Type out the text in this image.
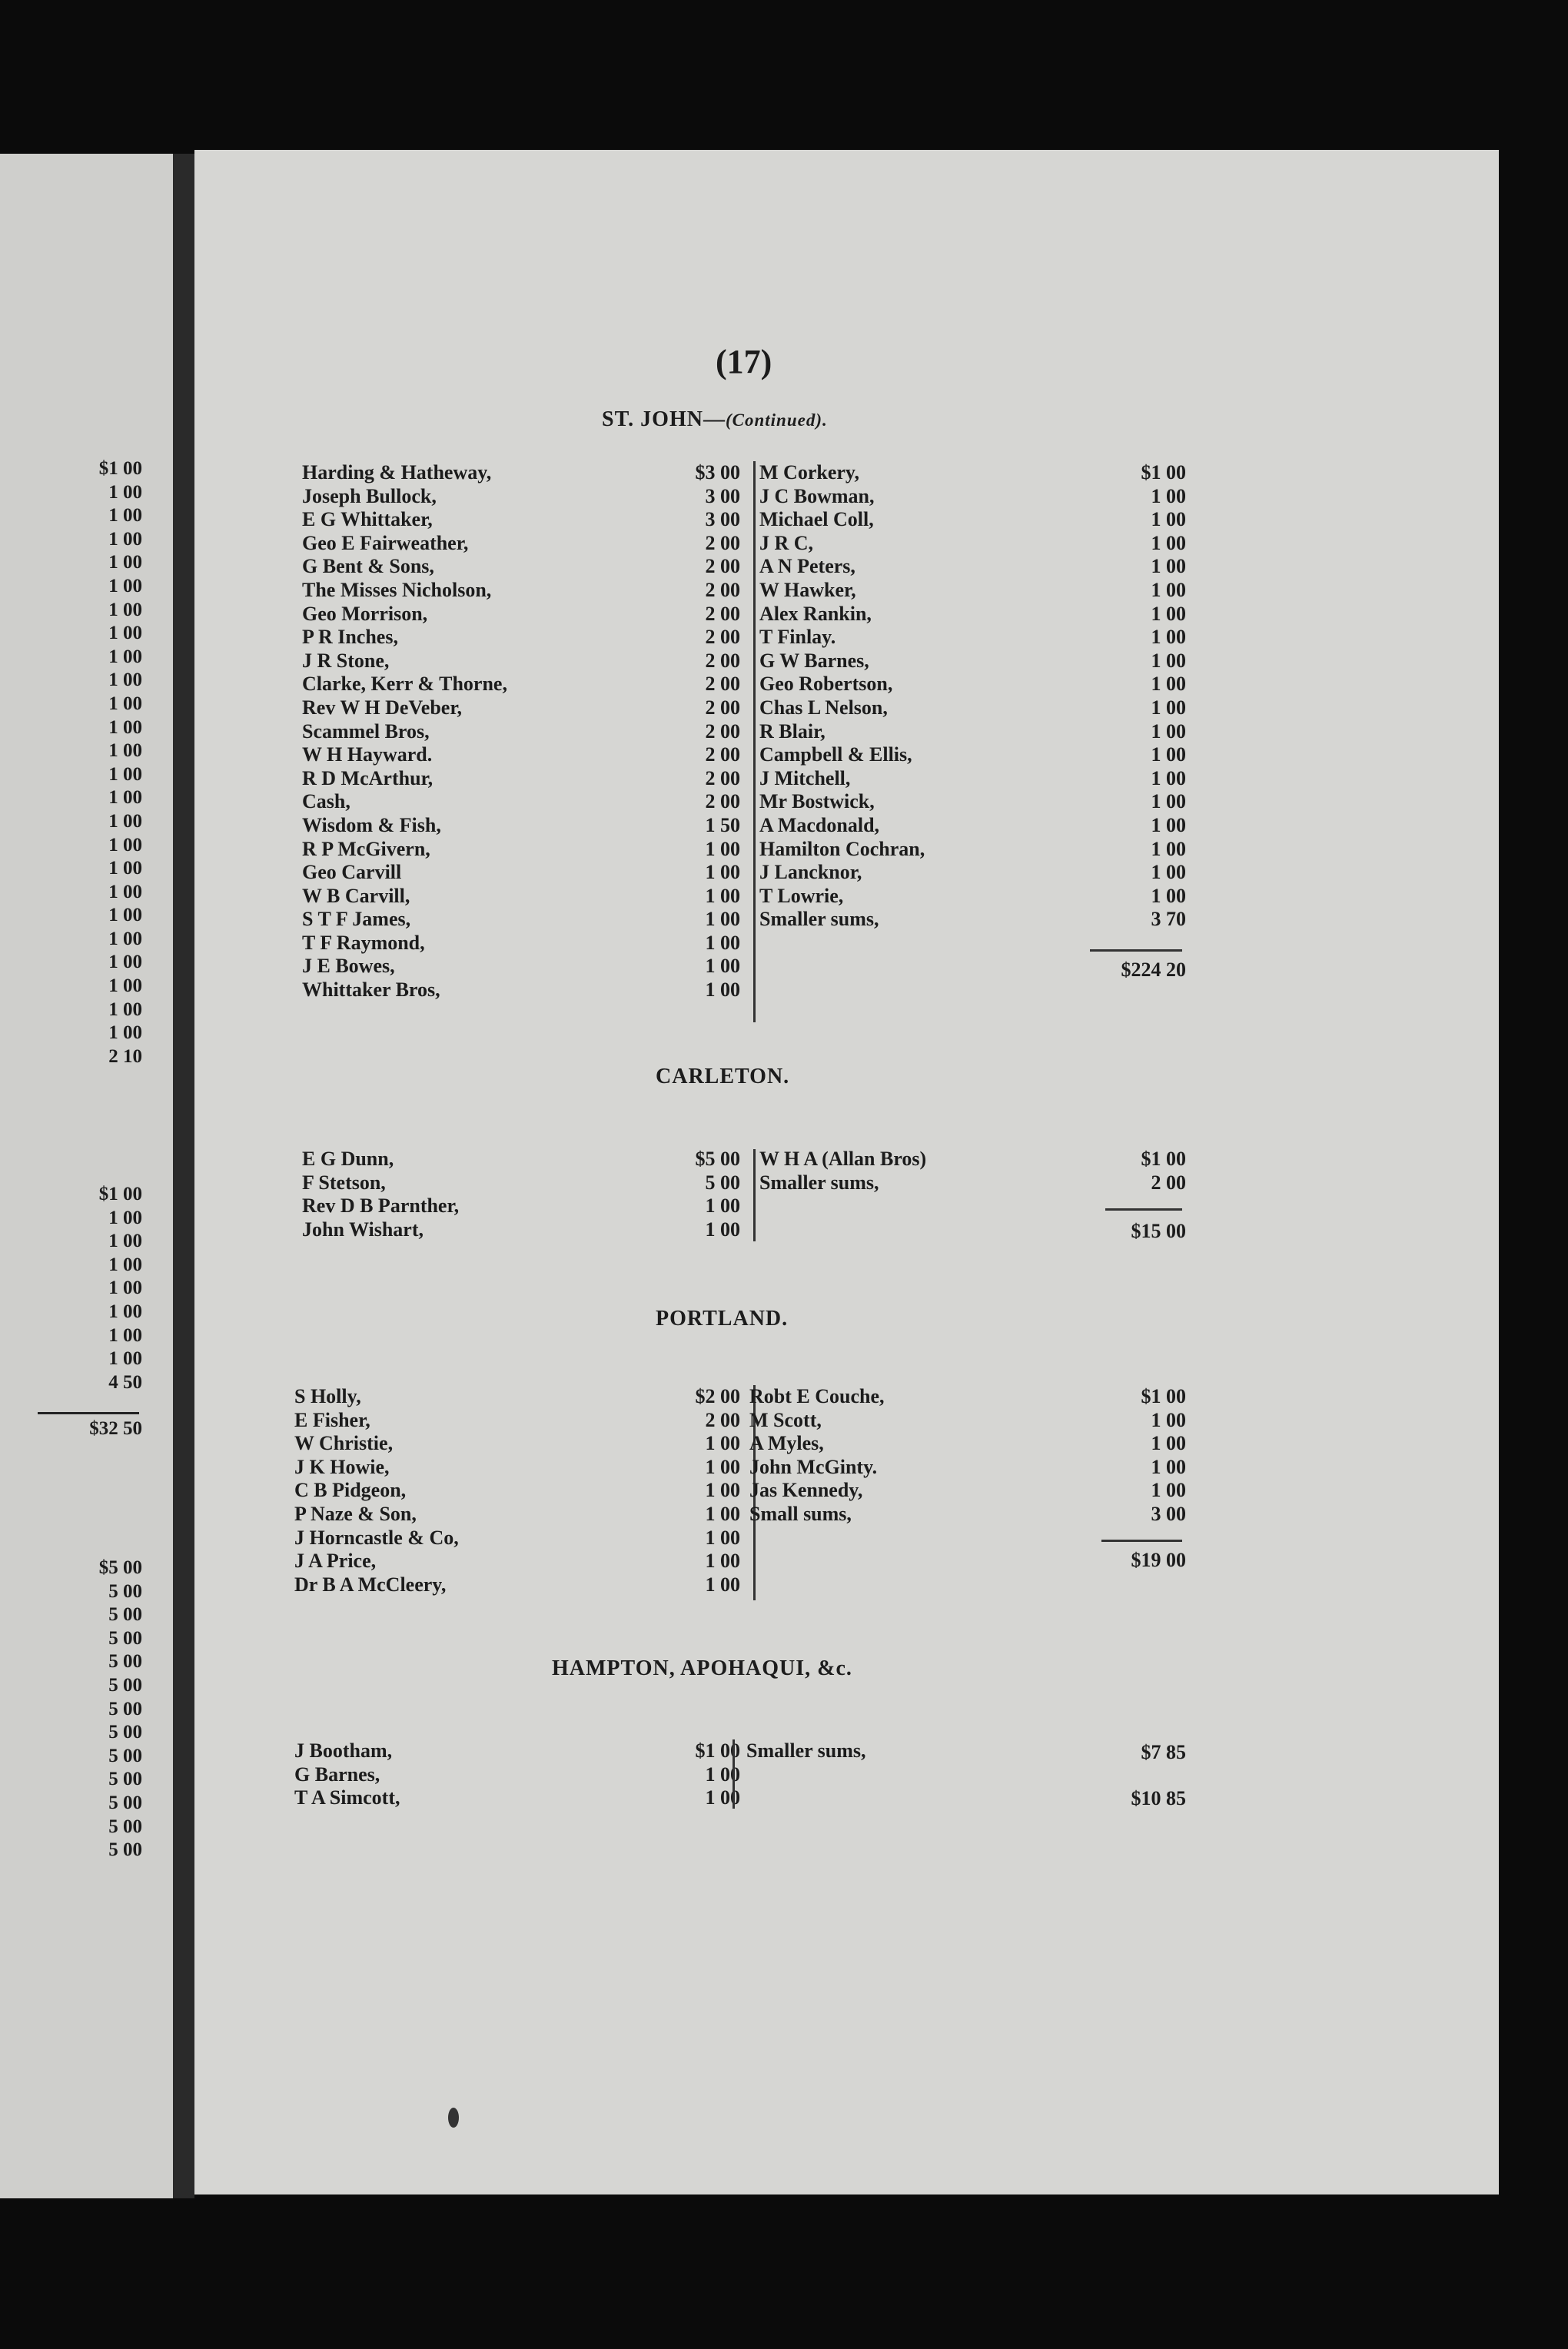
$1 00
1 00
1 00
1 00
1 00
1 00
1 00
1 00
1 00
1 00
1 00
1 00
1 00
1 00
1 00
1 00
1 00
1 00
1 00
1 00
1 00
1 00
1 00
1 00
1 00
2 10
$1 00
1 00
1 00
1 00
1 00
1 00
1 00
1 00
4 50
$32 50
$5 00
5 00
5 00
5 00
5 00
5 00
5 00
5 00
5 00
5 00
5 00
5 00
5 00
(17)
ST. JOHN—(Continued).
Harding & Hatheway,
Joseph Bullock,
E G Whittaker,
Geo E Fairweather,
G Bent & Sons,
The Misses Nicholson,
Geo Morrison,
P R Inches,
J R Stone,
Clarke, Kerr & Thorne,
Rev W H DeVeber,
Scammel Bros,
W H Hayward.
R D McArthur,
Cash,
Wisdom & Fish,
R P McGivern,
Geo Carvill
W B Carvill,
S T F James,
T F Raymond,
J E Bowes,
Whittaker Bros,
$3 00
3 00
3 00
2 00
2 00
2 00
2 00
2 00
2 00
2 00
2 00
2 00
2 00
2 00
2 00
1 50
1 00
1 00
1 00
1 00
1 00
1 00
1 00
M Corkery,
J C Bowman,
Michael Coll,
J R C,
A N Peters,
W Hawker,
Alex Rankin,
T Finlay.
G W Barnes,
Geo Robertson,
Chas L Nelson,
R Blair,
Campbell & Ellis,
J Mitchell,
Mr Bostwick,
A Macdonald,
Hamilton Cochran,
J Lancknor,
T Lowrie,
Smaller sums,
$1 00
1 00
1 00
1 00
1 00
1 00
1 00
1 00
1 00
1 00
1 00
1 00
1 00
1 00
1 00
1 00
1 00
1 00
1 00
3 70
$224 20
CARLETON.
E G Dunn,
F Stetson,
Rev D B Parnther,
John Wishart,
$5 00
5 00
1 00
1 00
W H A (Allan Bros)
Smaller sums,
$1 00
2 00
$15 00
PORTLAND.
S Holly,
E Fisher,
W Christie,
J K Howie,
C B Pidgeon,
P Naze & Son,
J Horncastle & Co,
J A Price,
Dr B A McCleery,
$2 00
2 00
1 00
1 00
1 00
1 00
1 00
1 00
1 00
Robt E Couche,
M Scott,
A Myles,
John McGinty.
Jas Kennedy,
Small sums,
$1 00
1 00
1 00
1 00
1 00
3 00
$19 00
HAMPTON, APOHAQUI, &c.
J Bootham,
G Barnes,
T A Simcott,
$1 00
1 00
1 00
Smaller sums,	$7 85
$10 85
